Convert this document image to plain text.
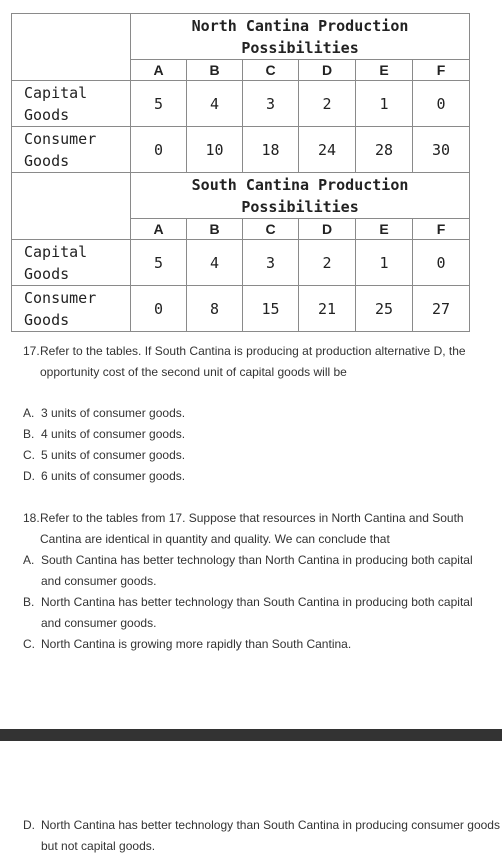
	North Cantina Production
Possibilities					
	A	B	C	D	E	F
Capital
Goods	5	4	3	2	1	0
Consumer
Goods	0	10	18	24	28	30
	South Cantina Production
Possibilities					
	A	B	C	D	E	F
Capital
Goods	5	4	3	2	1	0
Consumer
Goods	0	8	15	21	25	27
17.Refer to the tables. If South Cantina is producing at production alternative D, the opportunity cost of the second unit of capital goods will be
A. 3 units of consumer goods.
B. 4 units of consumer goods.
C. 5 units of consumer goods.
D. 6 units of consumer goods.
18.Refer to the tables from 17. Suppose that resources in North Cantina and South Cantina are identical in quantity and quality. We can conclude that
A. South Cantina has better technology than North Cantina in producing both capital and consumer goods.
B. North Cantina has better technology than South Cantina in producing both capital and consumer goods.
C. North Cantina is growing more rapidly than South Cantina.
D. North Cantina has better technology than South Cantina in producing consumer goods but not capital goods.
